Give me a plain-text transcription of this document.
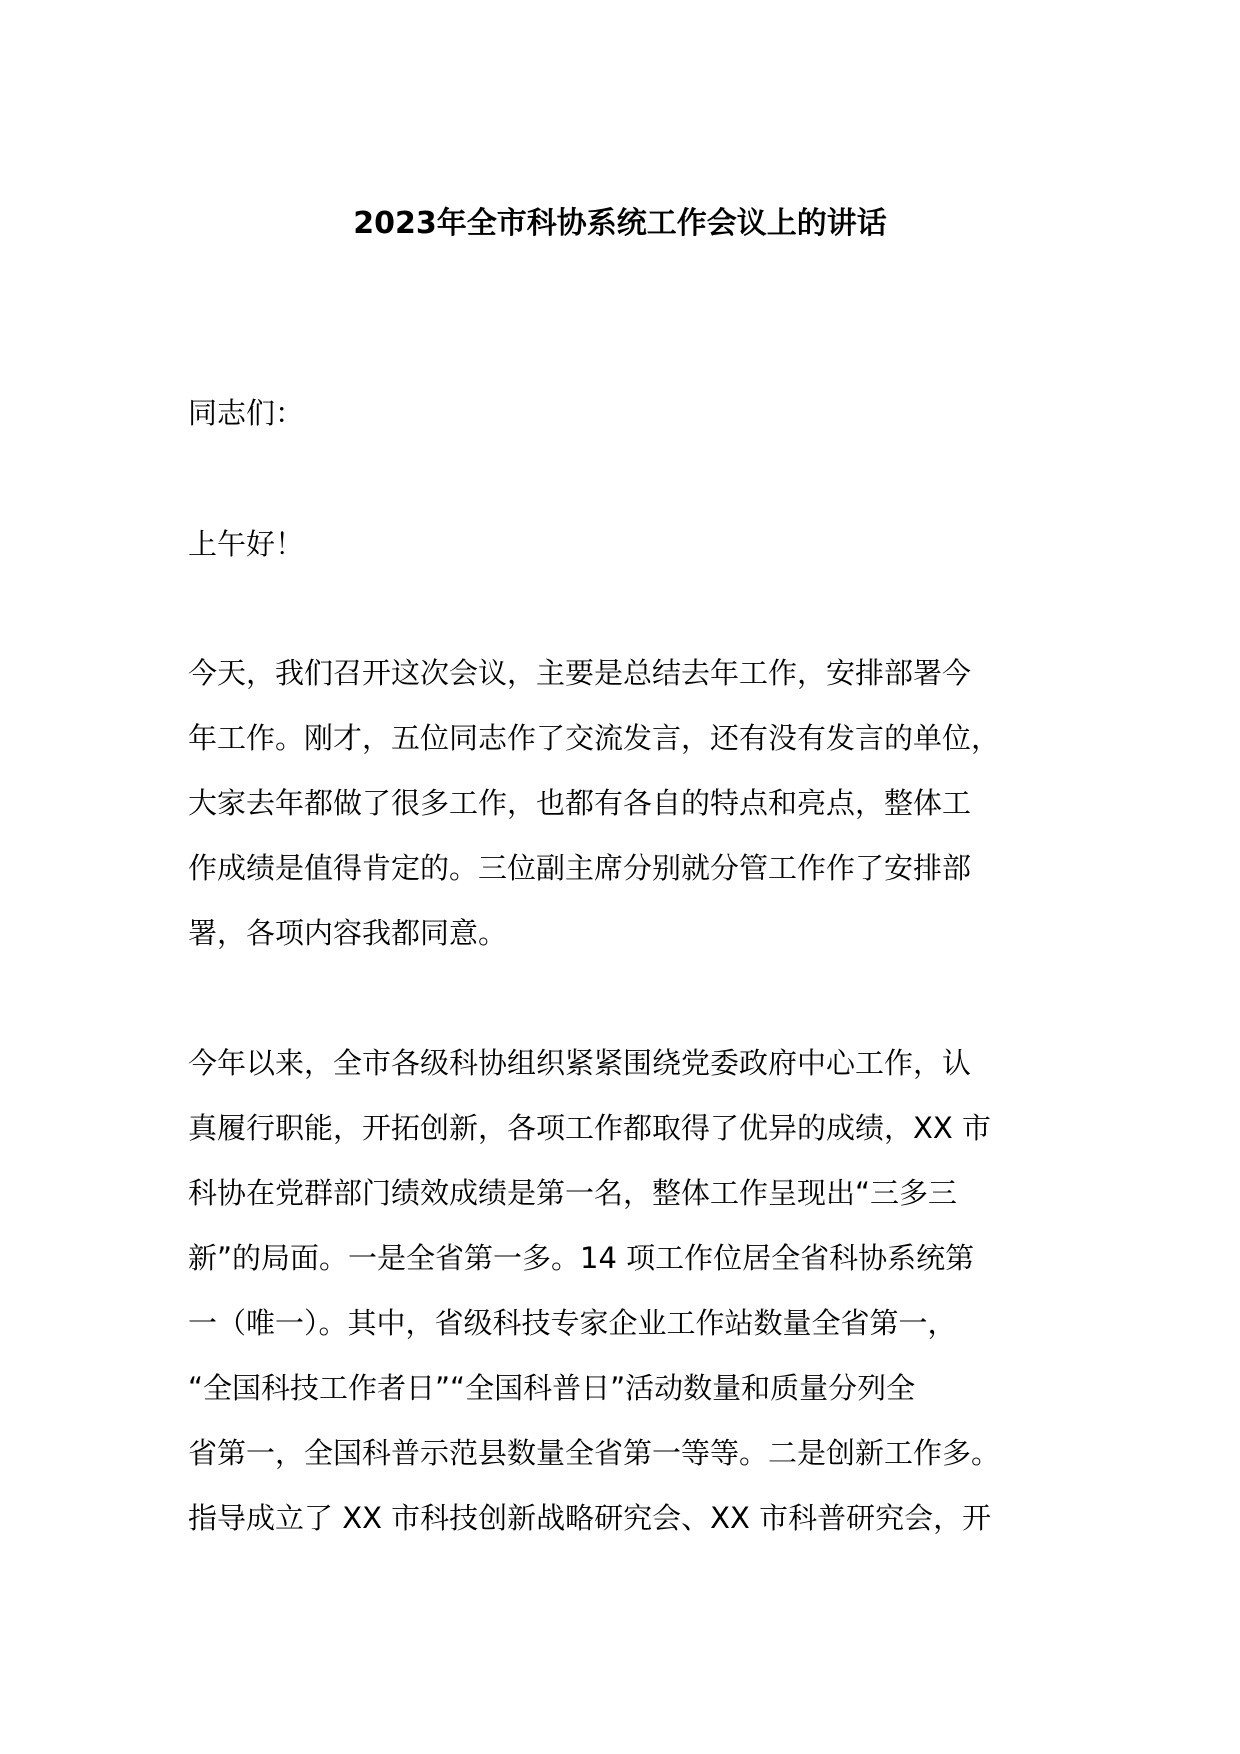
2023年全市科协系统工作会议上的讲话
同志们：
上午好！
今天，我们召开这次会议，主要是总结去年工作，安排部署今
年工作。刚才，五位同志作了交流发言，还有没有发言的单位，
大家去年都做了很多工作，也都有各自的特点和亮点，整体工
作成绩是值得肯定的。三位副主席分别就分管工作作了安排部
署，各项内容我都同意。
今年以来，全市各级科协组织紧紧围绕党委政府中心工作，认
真履行职能，开拓创新，各项工作都取得了优异的成绩，XX 市
科协在党群部门绩效成绩是第一名，整体工作呈现出“三多三
新”的局面。一是全省第一多。14 项工作位居全省科协系统第
一（唯一）。其中，省级科技专家企业工作站数量全省第一，
“全国科技工作者日”“全国科普日”活动数量和质量分列全
省第一，全国科普示范县数量全省第一等等。二是创新工作多。
指导成立了 XX 市科技创新战略研究会、XX 市科普研究会，开
